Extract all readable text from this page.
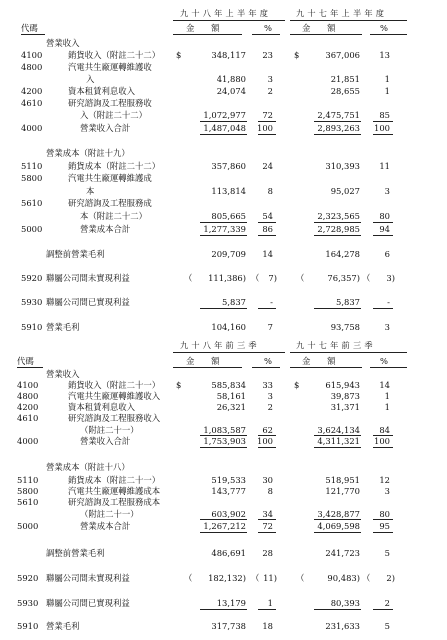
九十八年上半年度	九十七年上半年度
代碼	金　　額	%	金　　額	%
營業收入
4100	銷貨收入（附註二十二） $	348,117 23	$	367,006 13
4800	汽電共生廠運轉維護收
入	41,880	3	21,851	1
4200	資本租賃利息收入	24,074	2	28,655	1
4610	研究諮詢及工程服務收
入（附註二十二）	1,072,977 72	2,475,751 85
4000	營業收入合計	1,487,048 100	2,893,263 100
營業成本（附註十九）
5110	銷貨成本（附註二十二）	357,860 24	310,393 11
5800	汽電共生廠運轉維護成
本	113,814	8	95,027	3
5610	研究諮詢及工程服務成
本（附註二十二）	805,665 54	2,323,565 80
5000	營業成本合計	1,277,339 86	2,728,985 94
調整前營業毛利	209,709 14	164,278	6
5920 聯屬公司間未實現利益	（ 111,386) （ 7) （	76,357) （ 3)
5930 聯屬公司間已實現利益	5,837	-	5,837	-
5910 營業毛利	104,160	7	93,758	3
九十八年前三季	九十七年前三季
代碼	金　　額	%	金　　額	%
營業收入
4100	銷貨收入（附註二十一） $	585,834 33	$	615,943 14
4800	汽電共生廠運轉維護收入	58,161	3	39,873	1
4200	資本租賃利息收入	26,321	2	31,371	1
4610	研究諮詢及工程服務收入
（附註二十一）	1,083,587 62	3,624,134 84
4000	營業收入合計	1,753,903 100	4,311,321 100
營業成本（附註十八）
5110	銷貨成本（附註二十一）	519,533 30	518,951 12
5800	汽電共生廠運轉維護成本	143,777	8	121,770	3
5610	研究諮詢及工程服務成本
（附註二十一）	603,902 34	3,428,877 80
5000	營業成本合計	1,267,212 72	4,069,598 95
調整前營業毛利	486,691 28	241,723	5
5920 聯屬公司間未實現利益	（ 182,132) （ 11) （	90,483) （ 2)
5930 聯屬公司間已實現利益	13,179	1	80,393	2
5910 營業毛利	317,738 18	231,633	5
